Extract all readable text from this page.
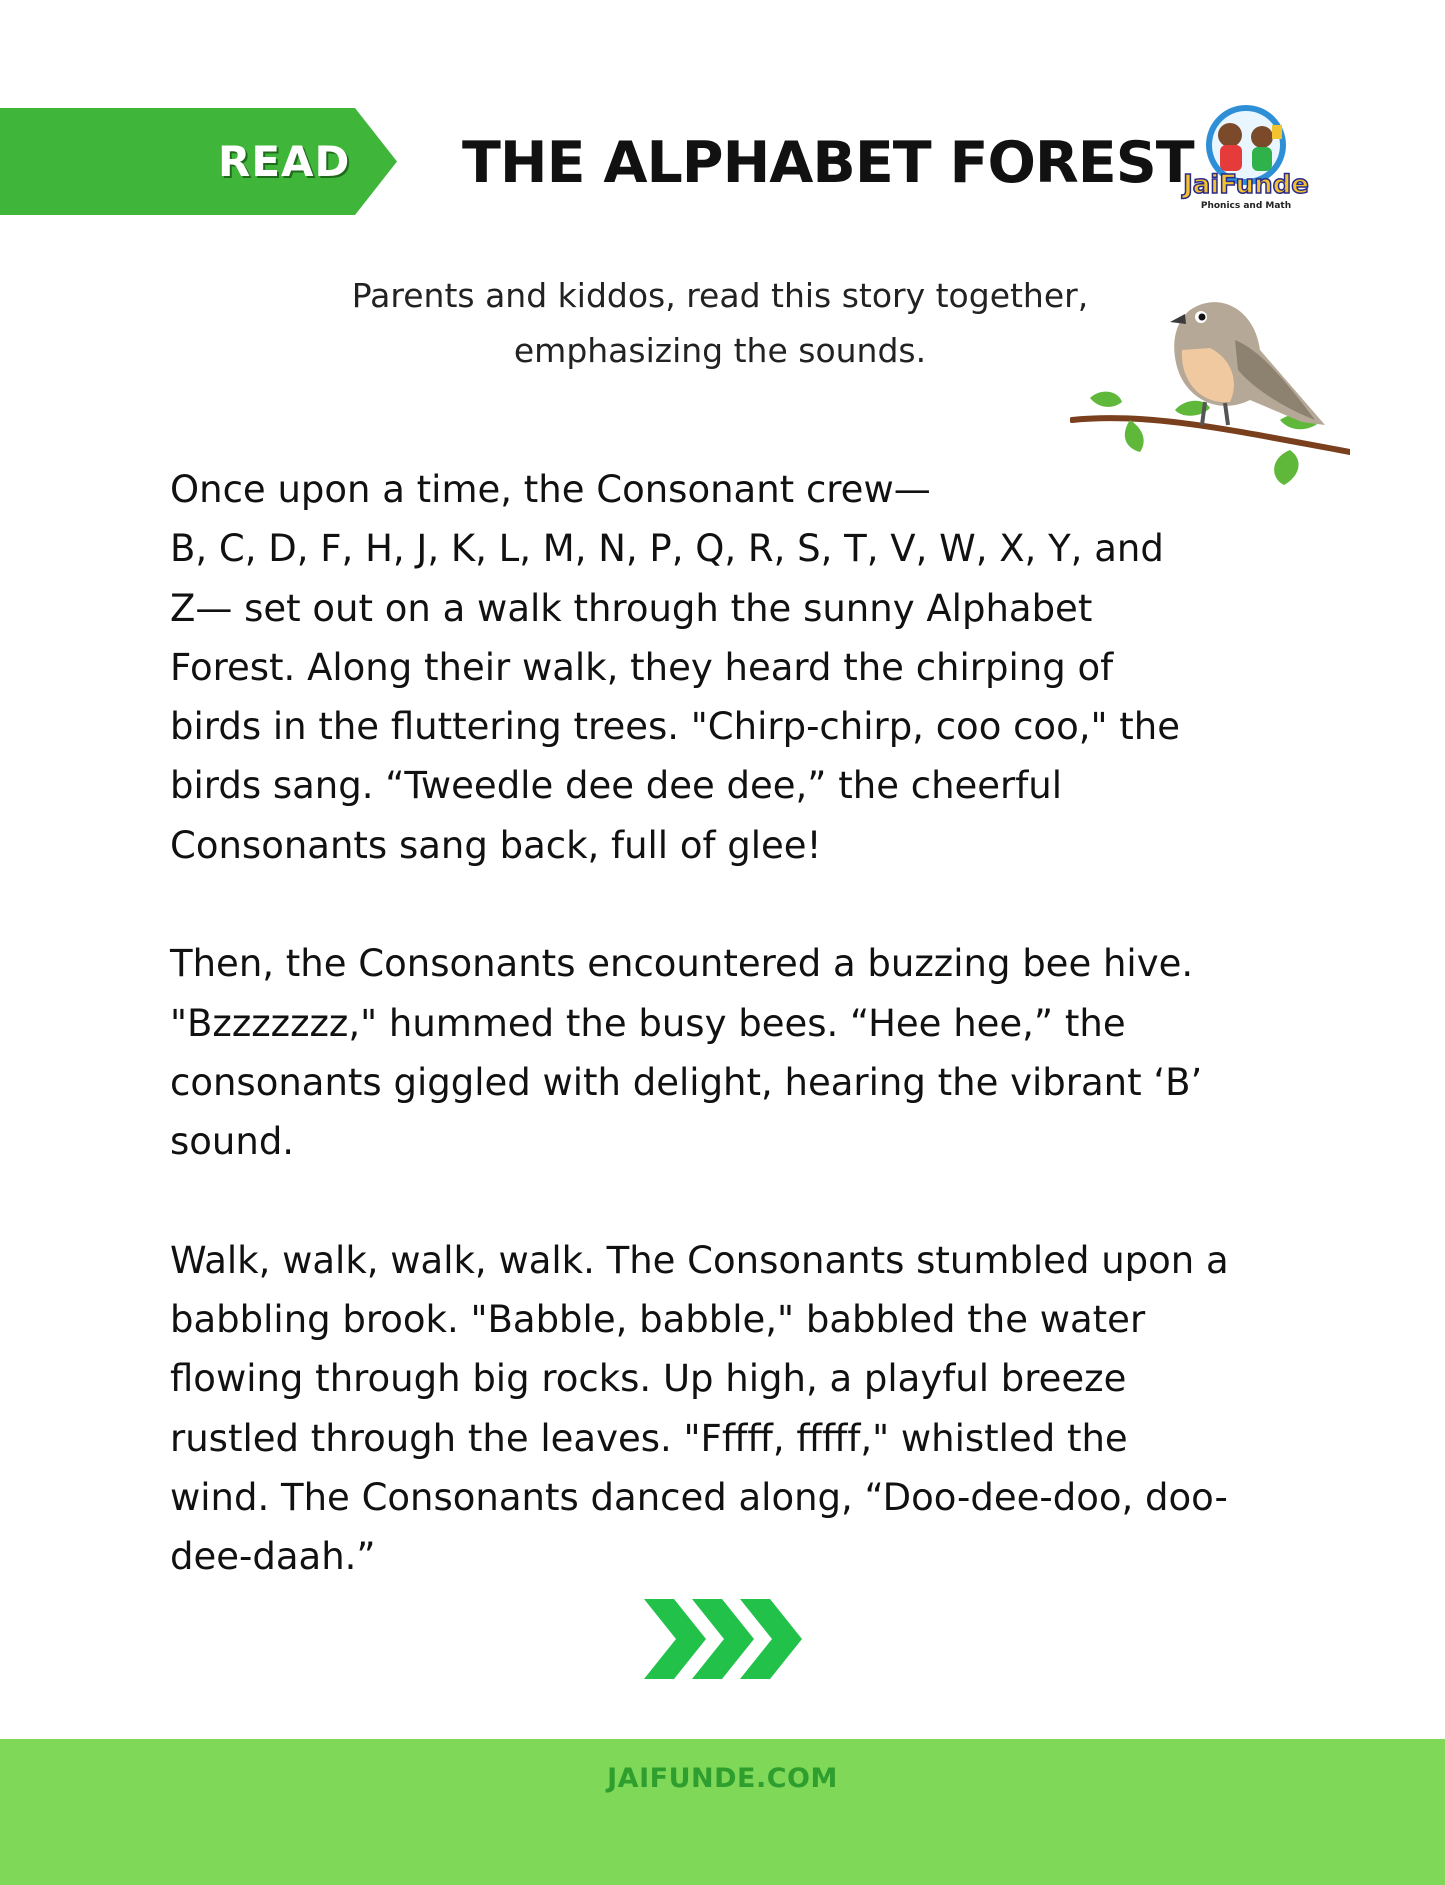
READ THE ALPHABET FOREST
JaiFunde
Phonics and Math
Parents and kiddos, read this story together,
emphasizing the sounds.

Once upon a time, the Consonant crew—
B, C, D, F, H, J, K, L, M, N, P, Q, R, S, T, V, W, X, Y, and
Z— set out on a walk through the sunny Alphabet
Forest. Along their walk, they heard the chirping of
birds in the fluttering trees. "Chirp-chirp, coo coo," the
birds sang. “Tweedle dee dee dee,” the cheerful
Consonants sang back, full of glee!

Then, the Consonants encountered a buzzing bee hive.
"Bzzzzzzz," hummed the busy bees. “Hee hee,” the
consonants giggled with delight, hearing the vibrant ‘B’
sound.

Walk, walk, walk, walk. The Consonants stumbled upon a
babbling brook. "Babble, babble," babbled the water
flowing through big rocks. Up high, a playful breeze
rustled through the leaves. "Fffff, fffff," whistled the
wind. The Consonants danced along, “Doo-dee-doo, doo-
dee-daah.”

JAIFUNDE.COM
